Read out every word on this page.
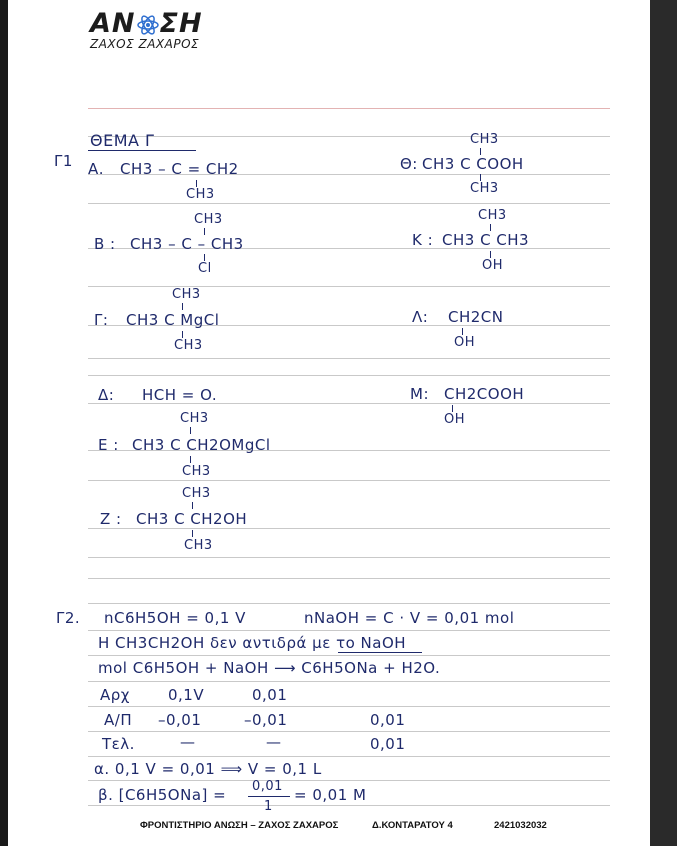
ΑΝ ΣΗ
ΖΑΧΟΣ ΖΑΧΑΡΟΣ
ΘΕΜΑ Γ
Γ1 Α. CH3 – C = CH2
CH3
CH3
Θ: CH3 C COOH
CH3
CH3
Β : CH3 – C – CH3
Cl
CH3
Κ : CH3 C CH3
OH
CH3
Γ: CH3 C MgCl
CH3
Λ: CH2CN
OH
Δ: HCH = O.	Μ: CH2COOH
OH
CH3
Ε : CH3 C CH2OMgCl
CH3
CH3
Ζ : CH3 C CH2OH
CH3
Γ2. nC6H5OH = 0,1 V	nNaOH = C · V = 0,01 mol
Η CH3CH2OH δεν αντιδρά με το NaOH
mol C6H5OH + NaOH ⟶ C6H5ONa + H2O.
Αρχ	0,1V	0,01
Α/Π –0,01	–0,01	0,01
Τελ.	—	—	0,01
α. 0,1 V = 0,01 ⟹ V = 0,1 L
β. [C6H5ONa] = 0,01
1
= 0,01 M
ΦΡΟΝΤΙΣΤΗΡΙΟ ΑΝΩΣΗ – ΖΑΧΟΣ ΖΑΧΑΡΟΣ	Δ.ΚΟΝΤΑΡΑΤΟΥ 4	2421032032
